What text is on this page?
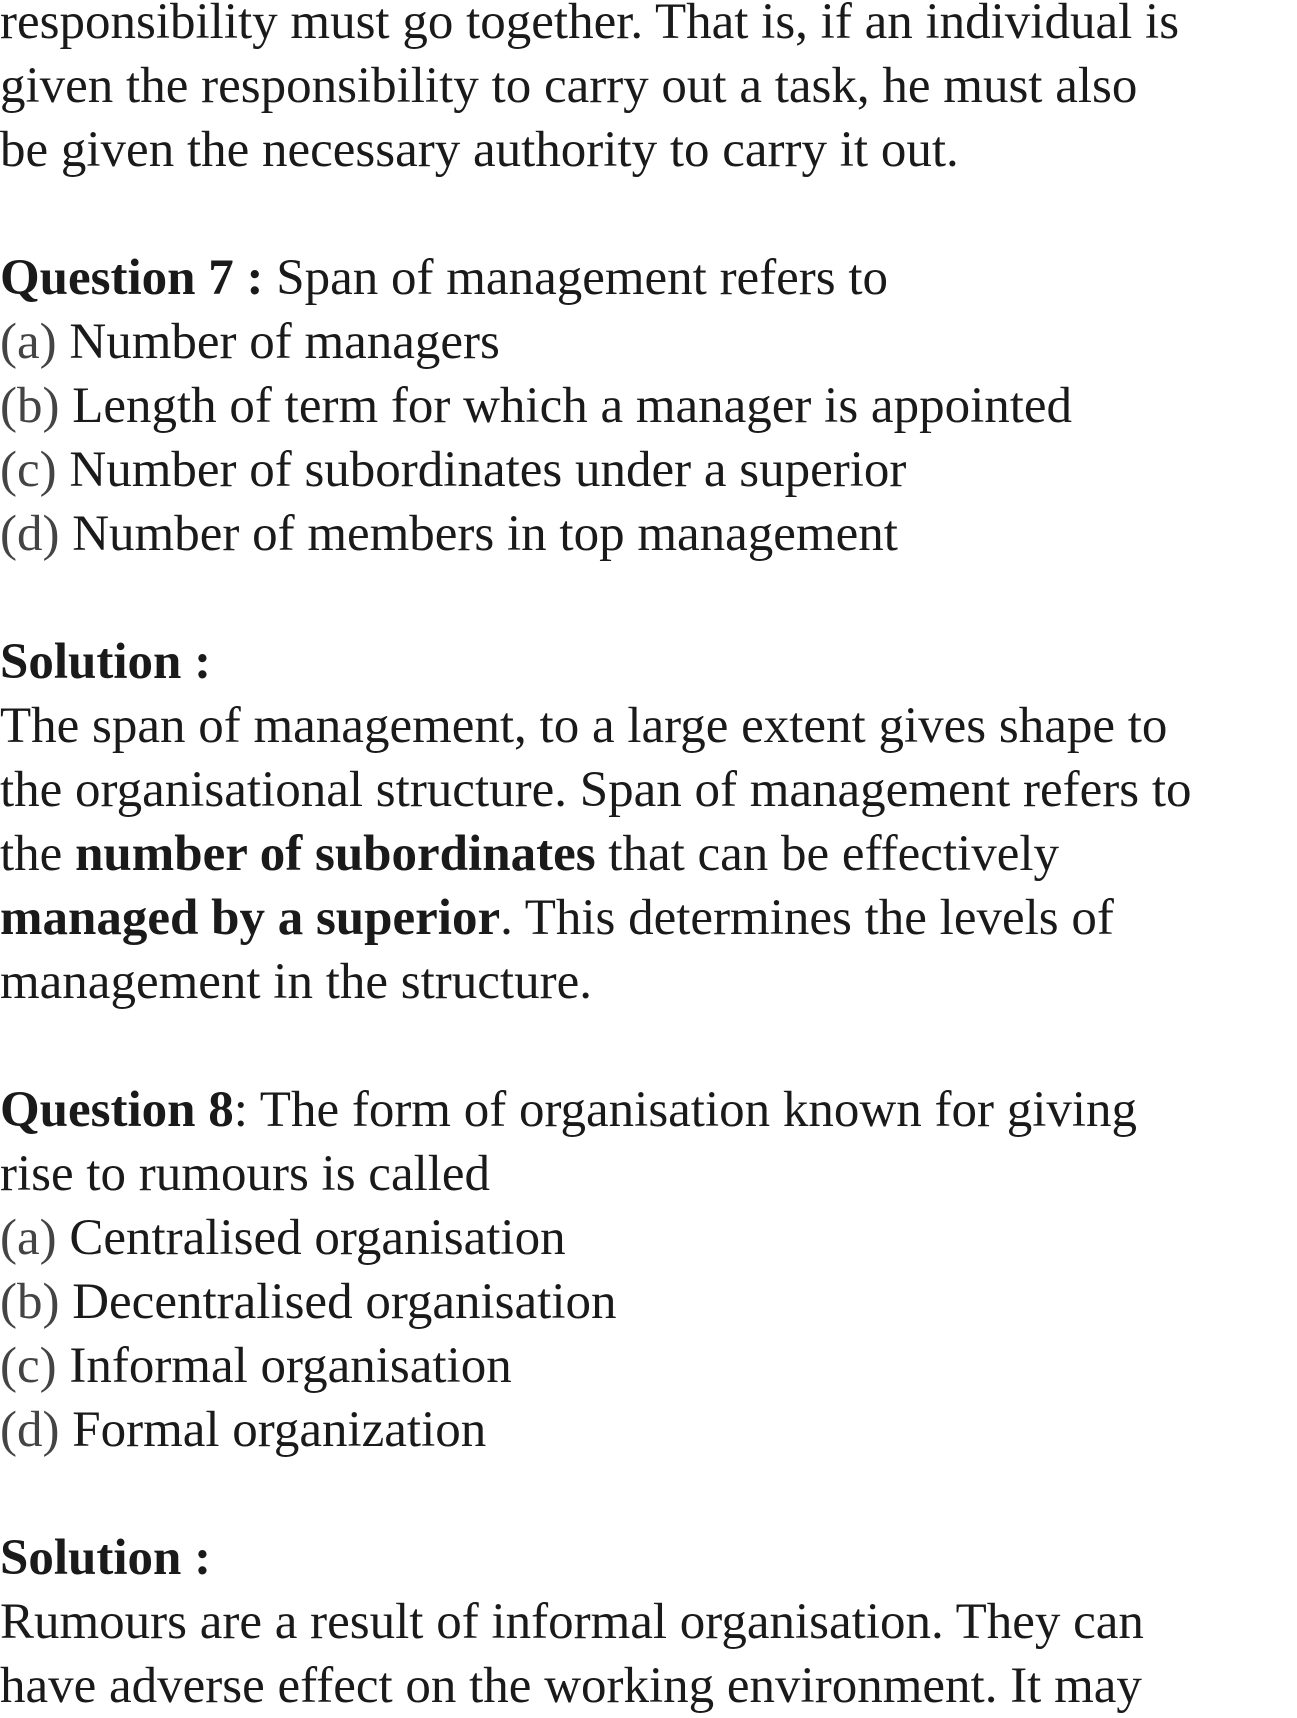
responsibility must go together. That is, if an individual is
given the responsibility to carry out a task, he must also
be given the necessary authority to carry it out.
Question 7 : Span of management refers to
(a) Number of managers
(b) Length of term for which a manager is appointed
(c) Number of subordinates under a superior
(d) Number of members in top management
Solution :
The span of management, to a large extent gives shape to
the organisational structure. Span of management refers to
the number of subordinates that can be effectively
managed by a superior. This determines the levels of
management in the structure.
Question 8: The form of organisation known for giving
rise to rumours is called
(a) Centralised organisation
(b) Decentralised organisation
(c) Informal organisation
(d) Formal organization
Solution :
Rumours are a result of informal organisation. They can
have adverse effect on the working environment. It may
